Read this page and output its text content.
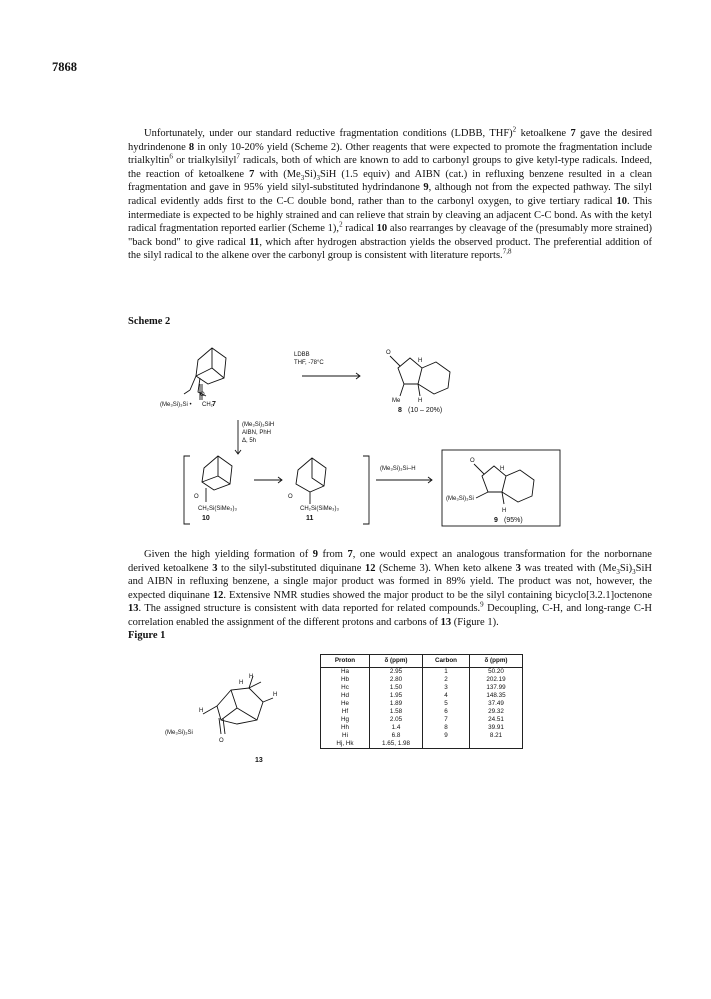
7868

Unfortunately, under our standard reductive fragmentation conditions (LDBB, THF)$^2$ ketoalkene 7 gave the desired hydrindenone 8 in only 10-20% yield (Scheme 2). Other reagents that were expected to promote the fragmentation include trialkyltin$^6$ or trialkylsilyl$^7$ radicals, both of which are known to add to carbonyl groups to give ketyl-type radicals. Indeed, the reaction of ketoalkene 7 with $(Me_3Si)_3SiH$ (1.5 equiv) and AIBN (cat.) in refluxing benzene resulted in a clean fragmentation and gave in 95% yield silyl-substituted hydrindanone 9, although not from the expected pathway. The silyl radical evidently adds first to the C-C double bond, rather than to the carbonyl oxygen, to give tertiary radical 10. This intermediate is expected to be highly strained and can relieve that strain by cleaving an adjacent C-C bond. As with the ketyl radical fragmentation reported earlier (Scheme 1),$^2$ radical 10 also rearranges by cleavage of the (presumably more strained) "back bond" to give radical 11, which after hydrogen abstraction yields the observed product. The preferential addition of the silyl radical to the alkene over the carbonyl group is consistent with literature reports.$^{7,8}$

Scheme 2
O
CH₂
(Me₃Si)₃Si •	7
LDBB
THF, -78°C
O
H
Me	H
8 (10 – 20%)
(Me₃Si)₃SiH
AIBN, PhH
Δ, 5h
O
CH₂Si(SiMe₃)₃
10
O
CH₂Si(SiMe₃)₃
11
(Me₃Si)₃Si–H
O
H
(Me₃Si)₃Si
H
9 (95%)

Given the high yielding formation of 9 from 7, one would expect an analogous transformation for the norbornane derived ketoalkene 3 to the silyl-substituted diquinane 12 (Scheme 3). When keto alkene 3 was treated with $(Me_3Si)_3SiH$ and AIBN in refluxing benzene, a single major product was formed in 89% yield. The product was not, however, the expected diquinane 12. Extensive NMR studies showed the major product to be the silyl containing bicyclo[3.2.1]octenone 13. The assigned structure is consistent with data reported for related compounds.$^9$ Decoupling, C-H, and long-range C-H correlation enabled the assignment of the different protons and carbons of 13 (Figure 1).

Figure 1
H
H
H
H
O
(Me₃Si)₃Si
13
Proton	δ (ppm)	Carbon	δ (ppm)
Ha	2.95	1	50.20
Hb	2.80	2	202.19
Hc	1.50	3	137.99
Hd	1.95	4	148.35
He	1.89	5	37.49
Hf	1.58	6	29.32
Hg	2.05	7	24.51
Hh	1.4	8	39.91
Hi	6.8	9	8.21
Hj, Hk	1.65, 1.98		
